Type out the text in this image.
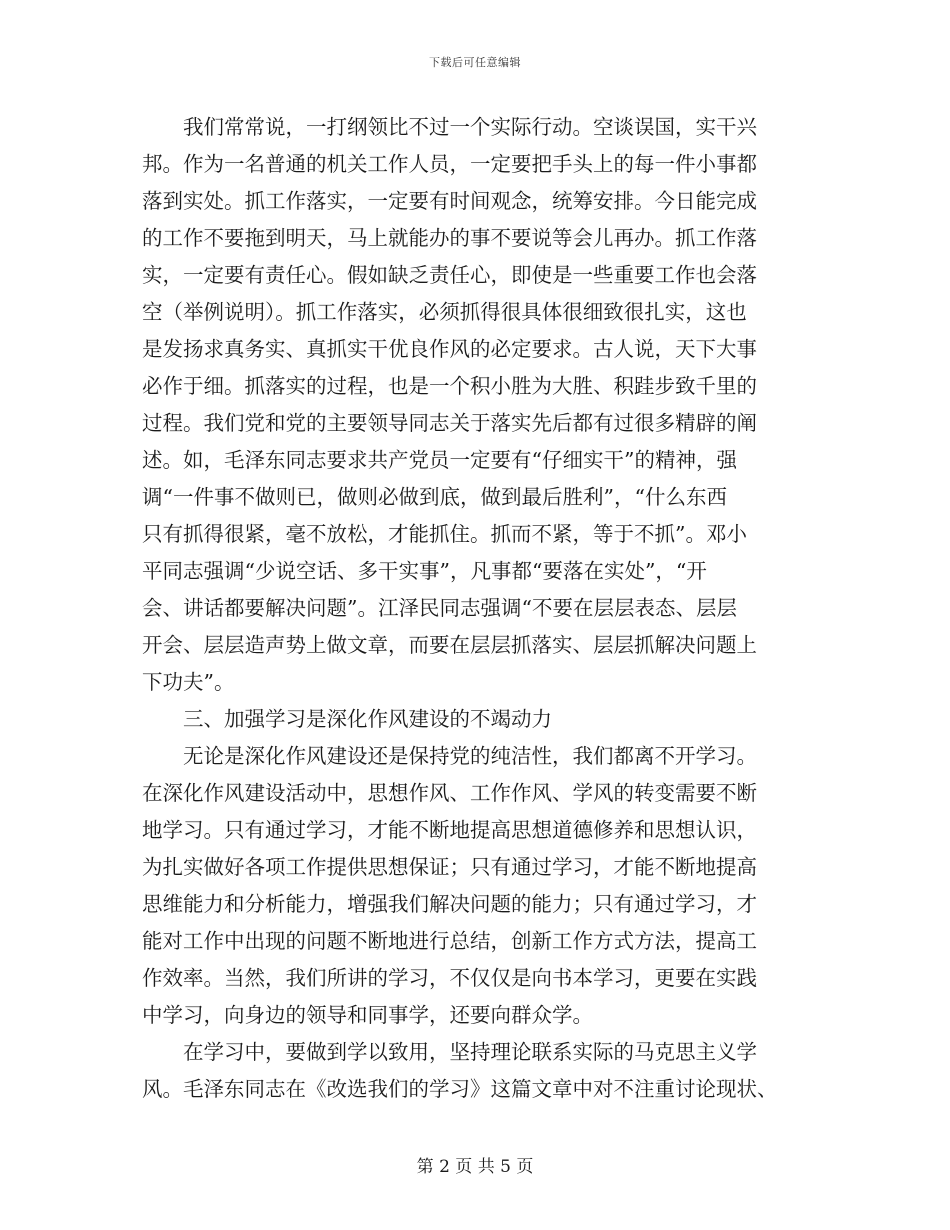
下载后可任意编辑
　　我们常常说，一打纲领比不过一个实际行动。空谈误国，实干兴
邦。作为一名普通的机关工作人员，一定要把手头上的每一件小事都
落到实处。抓工作落实，一定要有时间观念，统筹安排。今日能完成
的工作不要拖到明天，马上就能办的事不要说等会儿再办。抓工作落
实，一定要有责任心。假如缺乏责任心，即使是一些重要工作也会落
空（举例说明）。抓工作落实，必须抓得很具体很细致很扎实，这也
是发扬求真务实、真抓实干优良作风的必定要求。古人说，天下大事
必作于细。抓落实的过程，也是一个积小胜为大胜、积跬步致千里的
过程。我们党和党的主要领导同志关于落实先后都有过很多精辟的阐
述。如，毛泽东同志要求共产党员一定要有“仔细实干”的精神，强
调“一件事不做则已，做则必做到底，做到最后胜利”，“什么东西
只有抓得很紧，毫不放松，才能抓住。抓而不紧，等于不抓”。邓小
平同志强调“少说空话、多干实事”，凡事都“要落在实处”，“开
会、讲话都要解决问题”。江泽民同志强调“不要在层层表态、层层
开会、层层造声势上做文章，而要在层层抓落实、层层抓解决问题上
下功夫”。
　　三、加强学习是深化作风建设的不竭动力
　　无论是深化作风建设还是保持党的纯洁性，我们都离不开学习。
在深化作风建设活动中，思想作风、工作作风、学风的转变需要不断
地学习。只有通过学习，才能不断地提高思想道德修养和思想认识，
为扎实做好各项工作提供思想保证；只有通过学习，才能不断地提高
思维能力和分析能力，增强我们解决问题的能力；只有通过学习，才
能对工作中出现的问题不断地进行总结，创新工作方式方法，提高工
作效率。当然，我们所讲的学习，不仅仅是向书本学习，更要在实践
中学习，向身边的领导和同事学，还要向群众学。
　　在学习中，要做到学以致用，坚持理论联系实际的马克思主义学
风。毛泽东同志在《改选我们的学习》这篇文章中对不注重讨论现状、
第 2 页 共 5 页
